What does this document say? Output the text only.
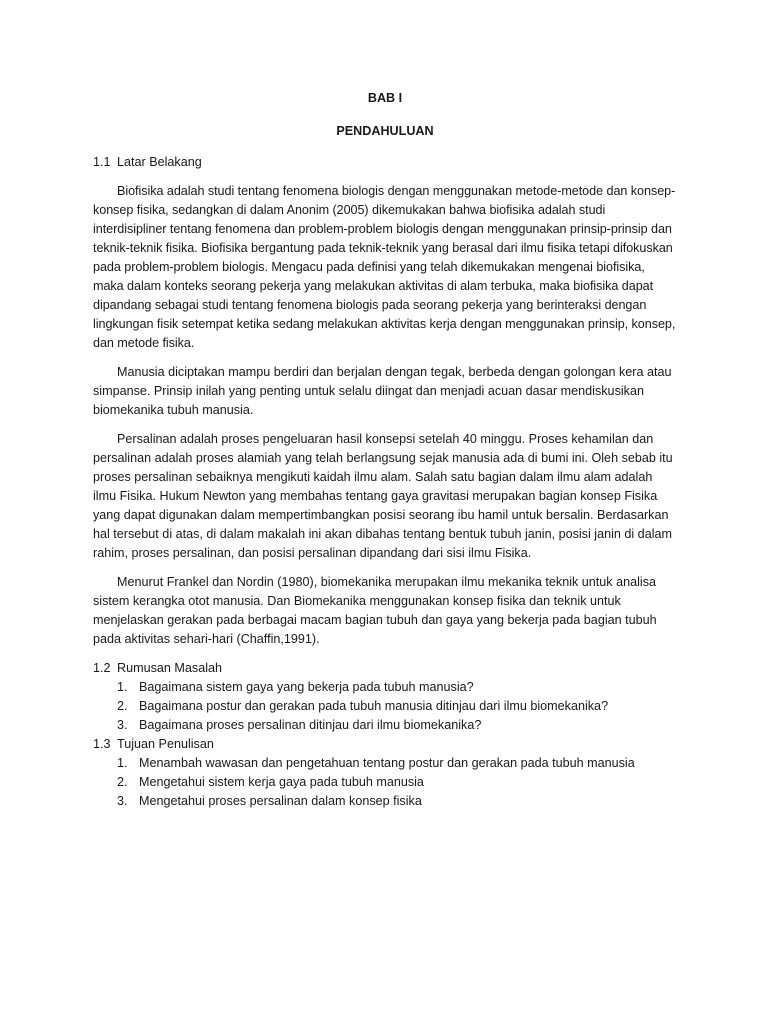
BAB I

PENDAHULUAN

1.1 Latar Belakang

Biofisika adalah studi tentang fenomena biologis dengan menggunakan metode-metode dan konsep-konsep fisika, sedangkan di dalam Anonim (2005) dikemukakan bahwa biofisika adalah studi interdisipliner tentang fenomena dan problem-problem biologis dengan menggunakan prinsip-prinsip dan teknik-teknik fisika. Biofisika bergantung pada teknik-teknik yang berasal dari ilmu fisika tetapi difokuskan pada problem-problem biologis. Mengacu pada definisi yang telah dikemukakan mengenai biofisika, maka dalam konteks seorang pekerja yang melakukan aktivitas di alam terbuka, maka biofisika dapat dipandang sebagai studi tentang fenomena biologis pada seorang pekerja yang berinteraksi dengan lingkungan fisik setempat ketika sedang melakukan aktivitas kerja dengan menggunakan prinsip, konsep, dan metode fisika.

Manusia diciptakan mampu berdiri dan berjalan dengan tegak, berbeda dengan golongan kera atau simpanse. Prinsip inilah yang penting untuk selalu diingat dan menjadi acuan dasar mendiskusikan biomekanika tubuh manusia.

Persalinan adalah proses pengeluaran hasil konsepsi setelah 40 minggu. Proses kehamilan dan persalinan adalah proses alamiah yang telah berlangsung sejak manusia ada di bumi ini. Oleh sebab itu proses persalinan sebaiknya mengikuti kaidah ilmu alam. Salah satu bagian dalam ilmu alam adalah ilmu Fisika. Hukum Newton yang membahas tentang gaya gravitasi merupakan bagian konsep Fisika yang dapat digunakan dalam mempertimbangkan posisi seorang ibu hamil untuk bersalin. Berdasarkan hal tersebut di atas, di dalam makalah ini akan dibahas tentang bentuk tubuh janin, posisi janin di dalam rahim, proses persalinan, dan posisi persalinan dipandang dari sisi ilmu Fisika.

Menurut Frankel dan Nordin (1980), biomekanika merupakan ilmu mekanika teknik untuk analisa sistem kerangka otot manusia. Dan Biomekanika menggunakan konsep fisika dan teknik untuk menjelaskan gerakan pada berbagai macam bagian tubuh dan gaya yang bekerja pada bagian tubuh pada aktivitas sehari-hari (Chaffin,1991).

1.2 Rumusan Masalah

1. Bagaimana sistem gaya yang bekerja pada tubuh manusia?
2. Bagaimana postur dan gerakan pada tubuh manusia ditinjau dari ilmu biomekanika?
3. Bagaimana proses persalinan ditinjau dari ilmu biomekanika?

1.3 Tujuan Penulisan

1. Menambah wawasan dan pengetahuan tentang postur dan gerakan pada tubuh manusia
2. Mengetahui sistem kerja gaya pada tubuh manusia
3. Mengetahui proses persalinan dalam konsep fisika
